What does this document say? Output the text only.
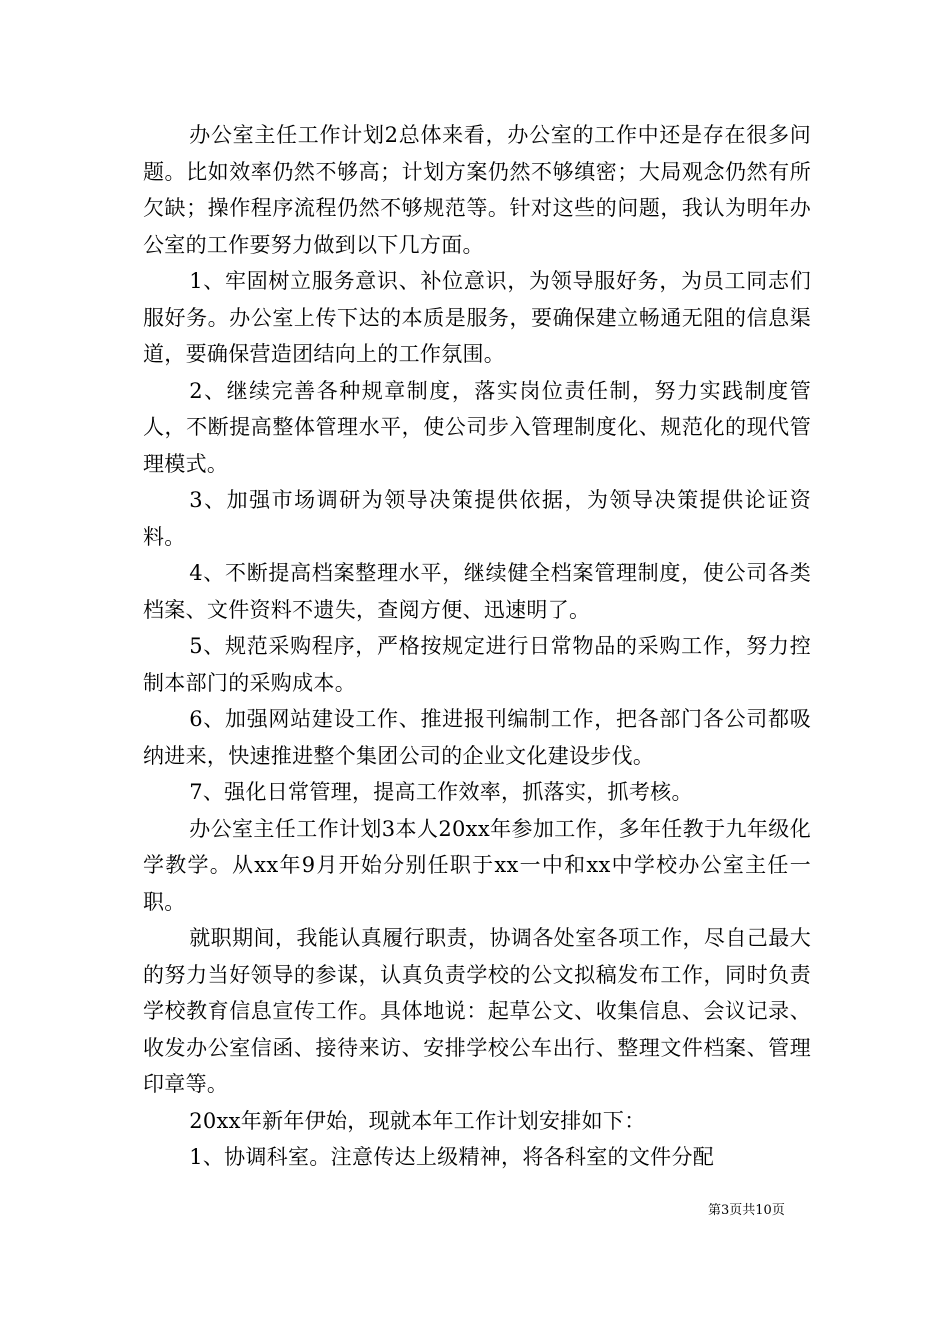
办公室主任工作计划2总体来看，办公室的工作中还是存在很多问题。比如效率仍然不够高；计划方案仍然不够缜密；大局观念仍然有所欠缺；操作程序流程仍然不够规范等。针对这些的问题，我认为明年办公室的工作要努力做到以下几方面。

1、牢固树立服务意识、补位意识，为领导服好务，为员工同志们服好务。办公室上传下达的本质是服务，要确保建立畅通无阻的信息渠道，要确保营造团结向上的工作氛围。

2、继续完善各种规章制度，落实岗位责任制，努力实践制度管人，不断提高整体管理水平，使公司步入管理制度化、规范化的现代管理模式。

3、加强市场调研为领导决策提供依据，为领导决策提供论证资料。

4、不断提高档案整理水平，继续健全档案管理制度，使公司各类档案、文件资料不遗失，查阅方便、迅速明了。

5、规范采购程序，严格按规定进行日常物品的采购工作，努力控制本部门的采购成本。

6、加强网站建设工作、推进报刊编制工作，把各部门各公司都吸纳进来，快速推进整个集团公司的企业文化建设步伐。

7、强化日常管理，提高工作效率，抓落实，抓考核。

办公室主任工作计划3本人20xx年参加工作，多年任教于九年级化学教学。从xx年9月开始分别任职于xx一中和xx中学校办公室主任一职。

就职期间，我能认真履行职责，协调各处室各项工作，尽自己最大的努力当好领导的参谋，认真负责学校的公文拟稿发布工作，同时负责学校教育信息宣传工作。具体地说：起草公文、收集信息、会议记录、收发办公室信函、接待来访、安排学校公车出行、整理文件档案、管理印章等。

20xx年新年伊始，现就本年工作计划安排如下：

1、协调科室。注意传达上级精神，将各科室的文件分配

第3页共10页
